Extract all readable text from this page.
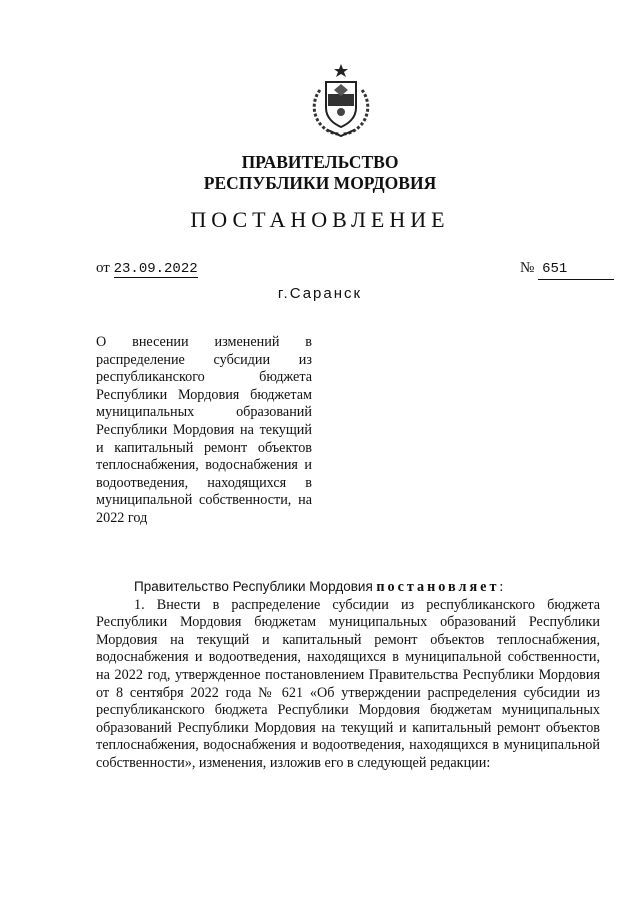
ПРАВИТЕЛЬСТВО
РЕСПУБЛИКИ МОРДОВИЯ
ПОСТАНОВЛЕНИЕ
от 23.09.2022	№ 651
г.Саранск
О внесении изменений в распределение субсидии из республиканского бюджета Республики Мордовия бюджетам муниципальных образований Республики Мордовия на текущий и капитальный ремонт объектов теплоснабжения, водоснабжения и водоотведения, находящихся в муниципальной собственности, на 2022 год

Правительство Республики Мордовия постановляет:

1. Внести в распределение субсидии из республиканского бюджета Республики Мордовия бюджетам муниципальных образований Республики Мордовия на текущий и капитальный ремонт объектов теплоснабжения, водоснабжения и водоотведения, находящихся в муниципальной собственности, на 2022 год, утвержденное постановлением Правительства Республики Мордовия от 8 сентября 2022 года № 621 «Об утверждении распределения субсидии из республиканского бюджета Республики Мордовия бюджетам муниципальных образований Республики Мордовия на текущий и капитальный ремонт объектов теплоснабжения, водоснабжения и водоотведения, находящихся в муниципальной собственности», изменения, изложив его в следующей редакции:
